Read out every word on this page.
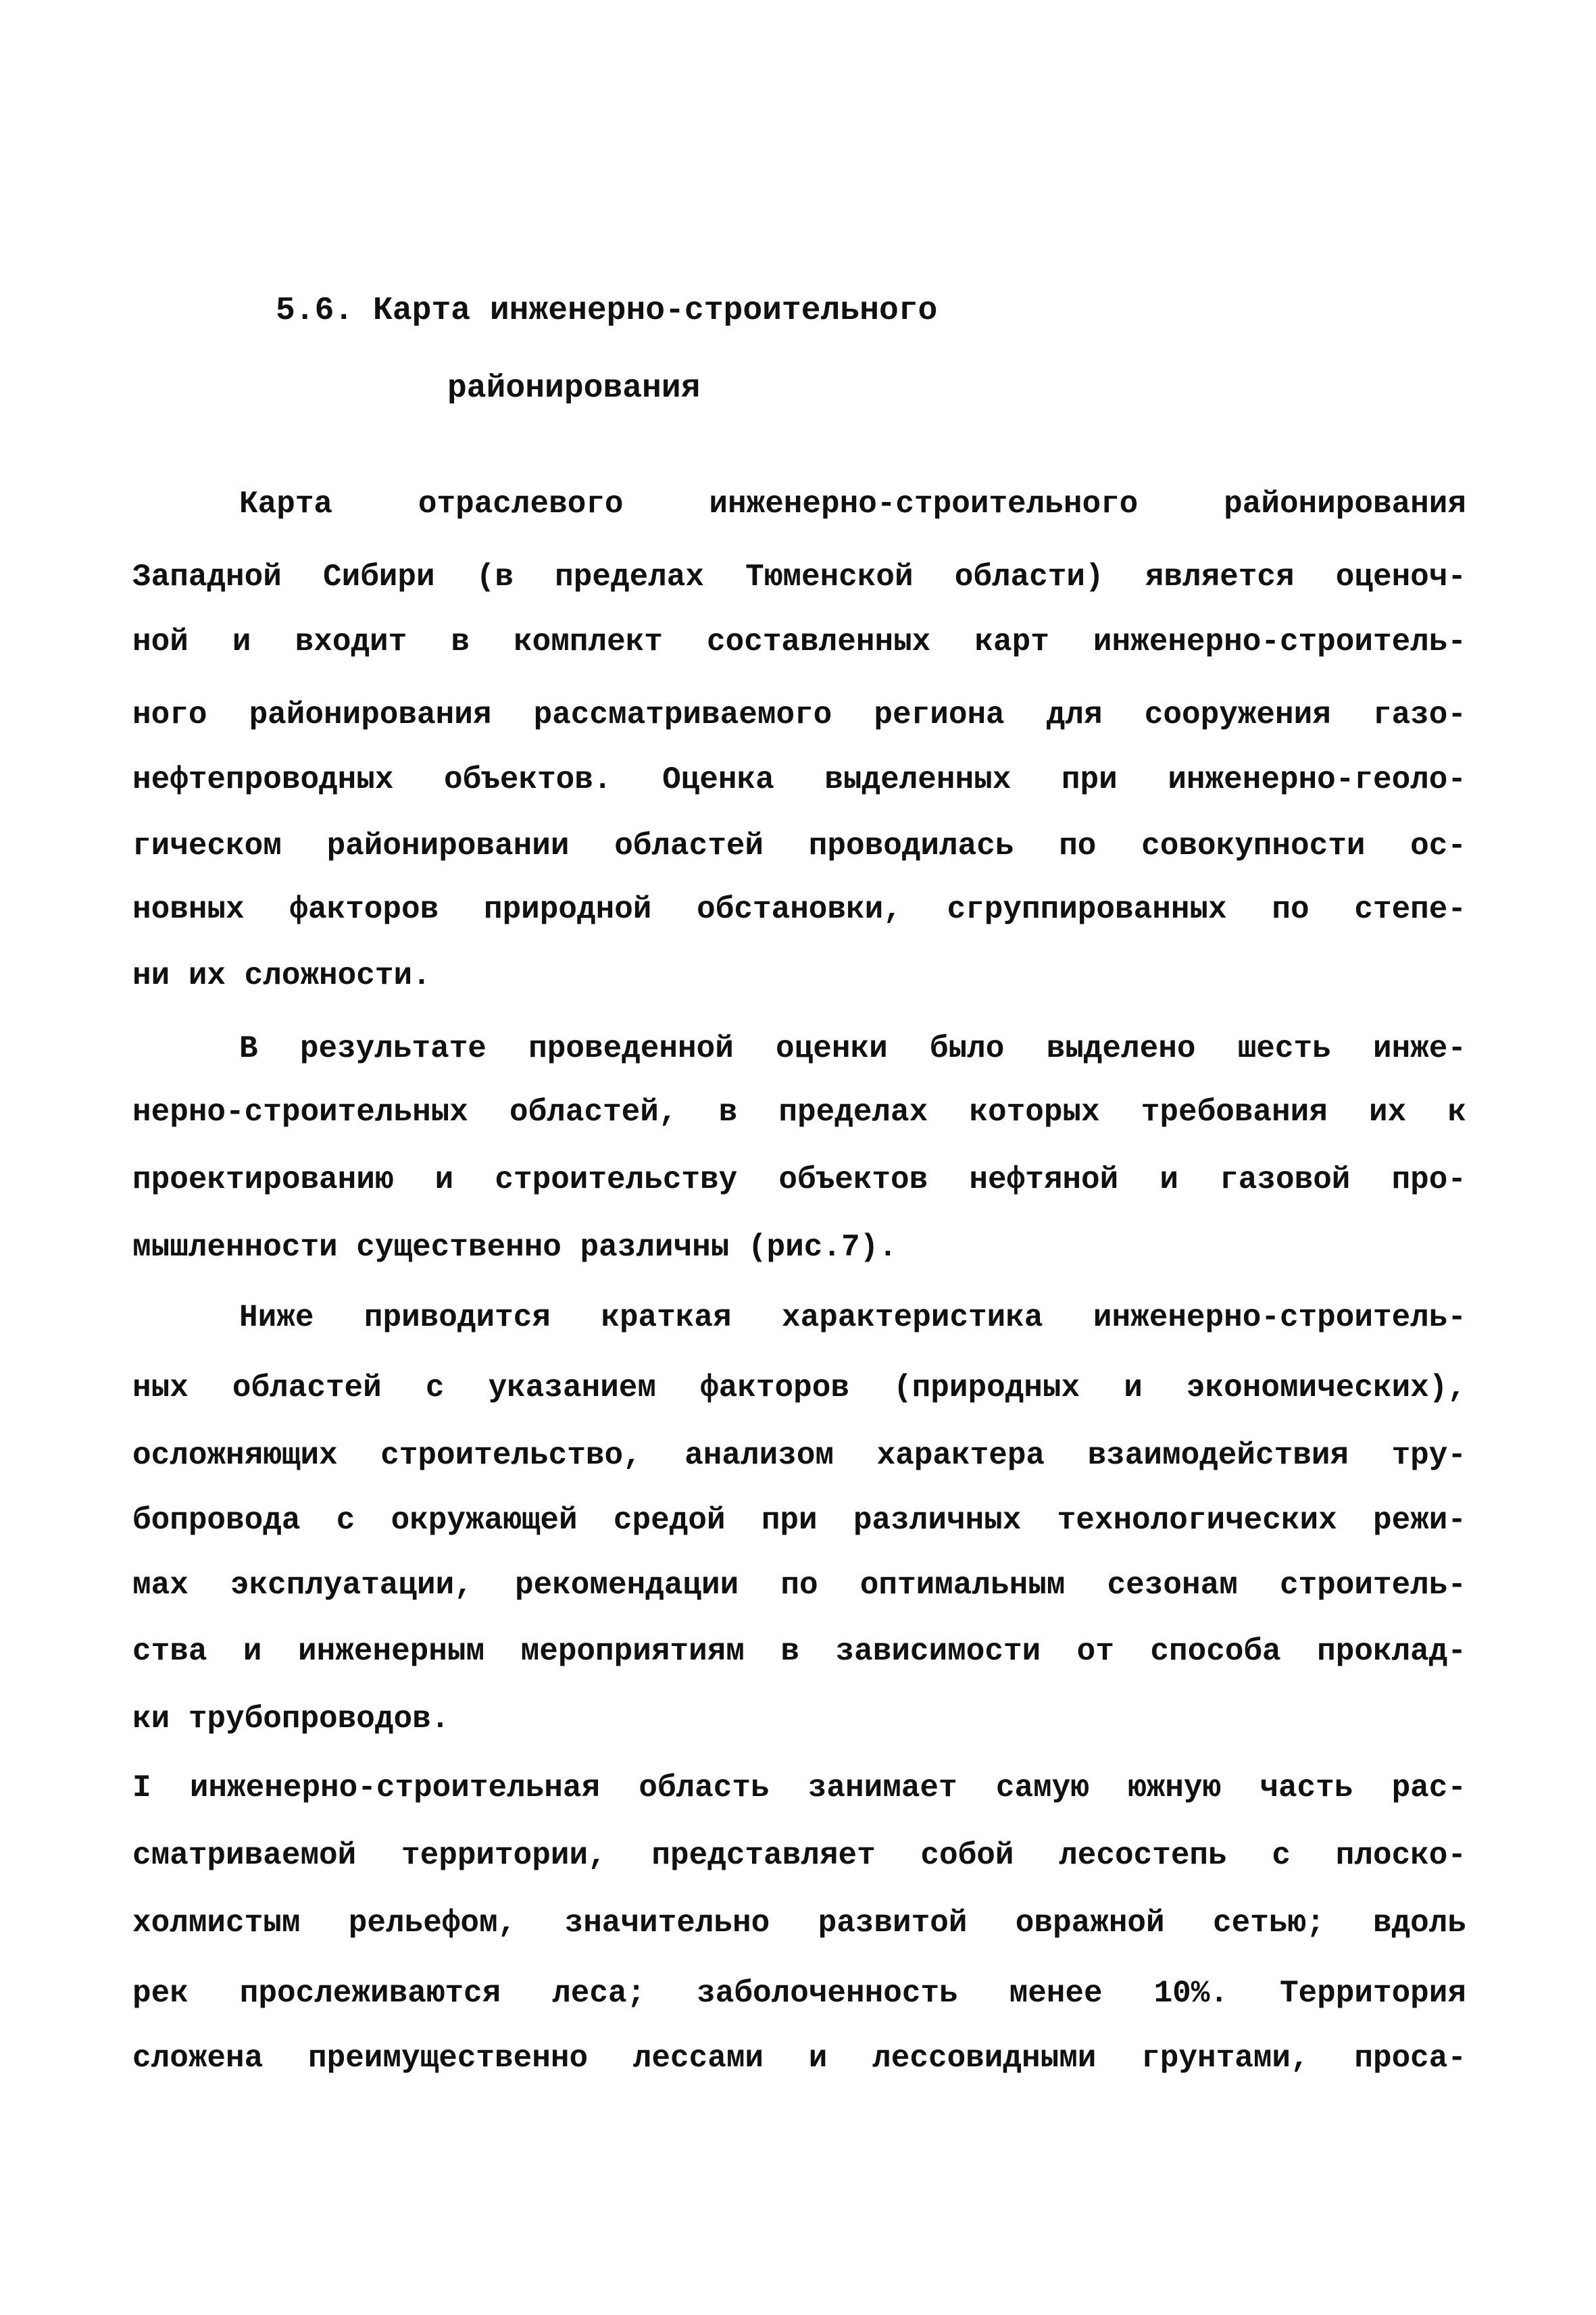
5.6. Карта инженерно-строительного
районирования
Карта отраслевого инженерно-строительного районирования
Западной Сибири (в пределах Тюменской области) является оценоч-
ной и входит в комплект составленных карт инженерно-строитель-
ного районирования рассматриваемого региона для сооружения газо-
нефтепроводных объектов. Оценка выделенных при инженерно-геоло-
гическом районировании областей проводилась по совокупности ос-
новных факторов природной обстановки, сгруппированных по степе-
ни их сложности.
В результате проведенной оценки было выделено шесть инже-
нерно-строительных областей, в пределах которых требования их к
проектированию и строительству объектов нефтяной и газовой про-
мышленности существенно различны (рис.7).
Ниже приводится краткая характеристика инженерно-строитель-
ных областей с указанием факторов (природных и экономических),
осложняющих строительство, анализом характера взаимодействия тру-
бопровода с окружающей средой при различных технологических режи-
мах эксплуатации, рекомендации по оптимальным сезонам строитель-
ства и инженерным мероприятиям в зависимости от способа проклад-
ки трубопроводов.
I инженерно-строительная область занимает самую южную часть рас-
сматриваемой территории, представляет собой лесостепь с плоско-
холмистым рельефом, значительно развитой овражной сетью; вдоль
рек прослеживаются леса; заболоченность менее 10%. Территория
сложена преимущественно лессами и лессовидными грунтами, проса-
